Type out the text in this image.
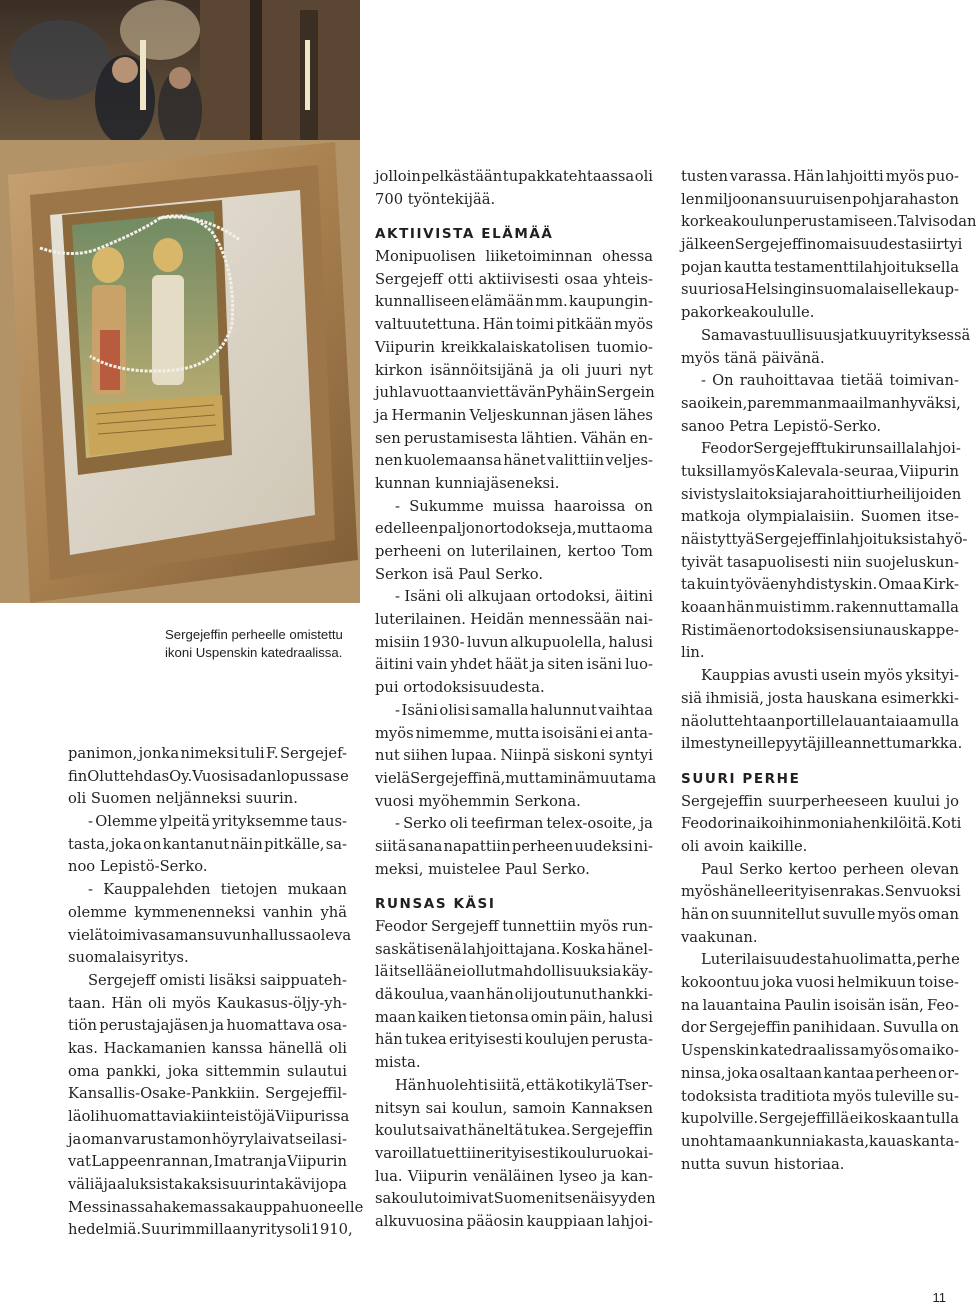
Sergejeffin perheelle omistettu
ikoni Uspenskin katedraalissa.
panimon, jonka nimeksi tuli F. Sergejef-
fin Oluttehdas Oy. Vuosisadan lopussa se
oli Suomen neljänneksi suurin.
- Olemme ylpeitä yrityksemme taus-
tasta, joka on kantanut näin pitkälle, sa-
noo Lepistö-Serko.
- Kauppalehden tietojen mukaan
olemme kymmenenneksi vanhin yhä
vielä toimiva saman suvun hallussa oleva
suomalaisyritys.
Sergejeff omisti lisäksi saippuateh-
taan. Hän oli myös Kaukasus-öljy-yh-
tiön perustajajäsen ja huomattava osa-
kas. Hackamanien kanssa hänellä oli
oma pankki, joka sittemmin sulautui
Kansallis-Osake-Pankkiin. Sergejeffil-
lä oli huomattavia kiinteistöjä Viipurissa
ja oman varustamon höyrylaivat seilasi-
vat Lappeenrannan, Imatran ja Viipurin
väliä ja aluksista kaksi suurinta kävi jopa
Messinassa hakemassa kauppahuoneelle
hedelmiä. Suurimmillaan yritys oli 1910,
jolloin pelkästään tupakkatehtaassa oli
700 työntekijää.
AKTIIVISTA ELÄMÄÄ
Monipuolisen liiketoiminnan ohessa
Sergejeff otti aktiivisesti osaa yhteis-
kunnalliseen elämään mm. kaupungin-
valtuutettuna. Hän toimi pitkään myös
Viipurin kreikkalaiskatolisen tuomio-
kirkon isännöitsijänä ja oli juuri nyt
juhlavuottaan viettävän Pyhäin Sergein
ja Hermanin Veljeskunnan jäsen lähes
sen perustamisesta lähtien. Vähän en-
nen kuolemaansa hänet valittiin veljes-
kunnan kunniajäseneksi.
- Sukumme muissa haaroissa on
edelleen paljon ortodokseja, mutta oma
perheeni on luterilainen, kertoo Tom
Serkon isä Paul Serko.
- Isäni oli alkujaan ortodoksi, äitini
luterilainen. Heidän mennessään nai-
misiin 1930- luvun alkupuolella, halusi
äitini vain yhdet häät ja siten isäni luo-
pui ortodoksisuudesta.
- Isäni olisi samalla halunnut vaihtaa
myös nimemme, mutta isoisäni ei anta-
nut siihen lupaa. Niinpä siskoni syntyi
vielä Sergejeffinä, mutta minä muutama
vuosi myöhemmin Serkona.
- Serko oli teefirman telex-osoite, ja
siitä sana napattiin perheen uudeksi ni-
meksi, muistelee Paul Serko.
RUNSAS KÄSI
Feodor Sergejeff tunnettiin myös run-
saskätisenä lahjoittajana. Koska hänel-
lä itsellään ei ollut mahdollisuuksia käy-
dä koulua, vaan hän oli joutunut hankki-
maan kaiken tietonsa omin päin, halusi
hän tukea erityisesti koulujen perusta-
mista.
Hän huolehti siitä, että kotikylä Tser-
nitsyn sai koulun, samoin Kannaksen
koulut saivat häneltä tukea. Sergejeffin
varoilla tuettiin erityisesti kouluruokai-
lua. Viipurin venäläinen lyseo ja kan-
sakoulu toimivat Suomen itsenäisyyden
alkuvuosina pääosin kauppiaan lahjoi-
tusten varassa. Hän lahjoitti myös puo-
len miljoonan suuruisen pohjarahaston
korkeakoulun perustamiseen. Talvisodan
jälkeen Sergejeffin omaisuudesta siirtyi
pojan kautta testamenttilahjoituksella
suuri osa Helsingin suomalaiselle kaup-
pakorkeakoululle.
Sama vastuullisuus jatkuu yrityksessä
myös tänä päivänä.
- On rauhoittavaa tietää toimivan-
sa oikein, paremman maailman hyväksi,
sanoo Petra Lepistö-Serko.
Feodor Sergejeff tuki runsailla lahjoi-
tuksilla myös Kalevala-seuraa, Viipurin
sivistyslaitoksia ja rahoitti urheilijoiden
matkoja olympialaisiin. Suomen itse-
näistyttyä Sergejeffin lahjoituksista hyö-
tyivät tasapuolisesti niin suojeluskun-
ta kuin työväenyhdistyskin. Omaa Kirk-
koaan hän muisti mm. rakennuttamalla
Ristimäen ortodoksisen siunauskappe-
lin.
Kauppias avusti usein myös yksityi-
siä ihmisiä, josta hauskana esimerkki-
nä oluttehtaan portille lauantaiaamulla
ilmestyneille pyytäjille annettu markka.
SUURI PERHE
Sergejeffin suurperheeseen kuului jo
Feodorin aikoihin monia henkilöitä. Koti
oli avoin kaikille.
Paul Serko kertoo perheen olevan
myös hänelle erityisen rakas. Sen vuoksi
hän on suunnitellut suvulle myös oman
vaakunan.
Luterilaisuudesta huolimatta, perhe
kokoontuu joka vuosi helmikuun toise-
na lauantaina Paulin isoisän isän, Feo-
dor Sergejeffin panihidaan. Suvulla on
Uspenskin katedraalissa myös oma iko-
ninsa, joka osaltaan kantaa perheen or-
todoksista traditiota myös tuleville su-
kupolville. Sergejeffillä ei koskaan tulla
unohtamaan kunniakasta, kauas kanta-
nutta suvun historiaa.
11
